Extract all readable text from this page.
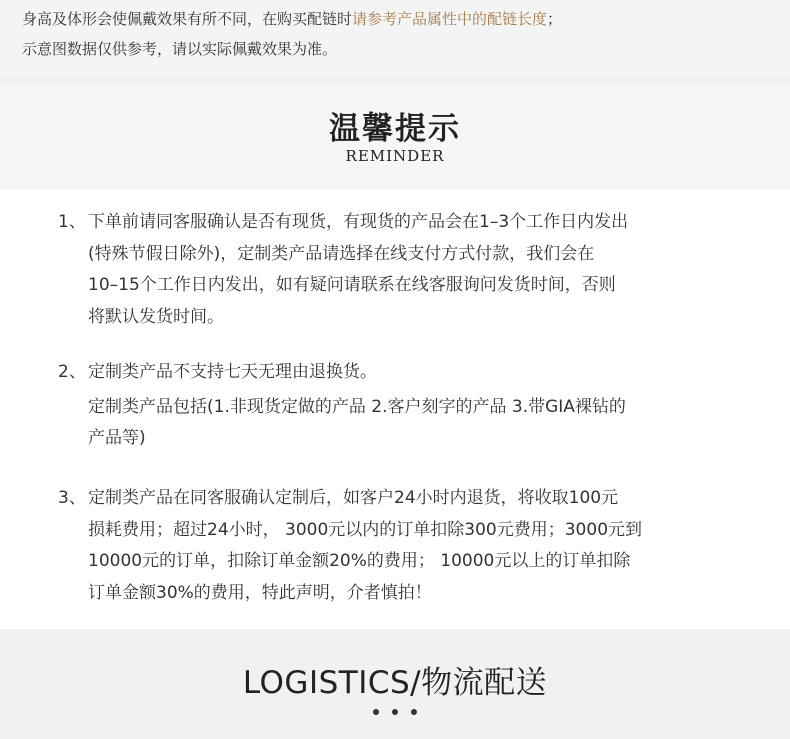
身高及体形会使佩戴效果有所不同，在购买配链时请参考产品属性中的配链长度；
示意图数据仅供参考，请以实际佩戴效果为准。
温馨提示
REMINDER
1、 下单前请同客服确认是否有现货，有现货的产品会在1–3个工作日内发出
(特殊节假日除外)，定制类产品请选择在线支付方式付款，我们会在
10–15个工作日内发出，如有疑问请联系在线客服询问发货时间，否则
将默认发货时间。
2、 定制类产品不支持七天无理由退换货。
定制类产品包括(1.非现货定做的产品 2.客户刻字的产品 3.带GIA裸钻的
产品等)
3、 定制类产品在同客服确认定制后，如客户24小时内退货，将收取100元
损耗费用；超过24小时， 3000元以内的订单扣除300元费用；3000元到
10000元的订单，扣除订单金额20%的费用； 10000元以上的订单扣除
订单金额30%的费用，特此声明，介者慎拍！
LOGISTICS/物流配送
